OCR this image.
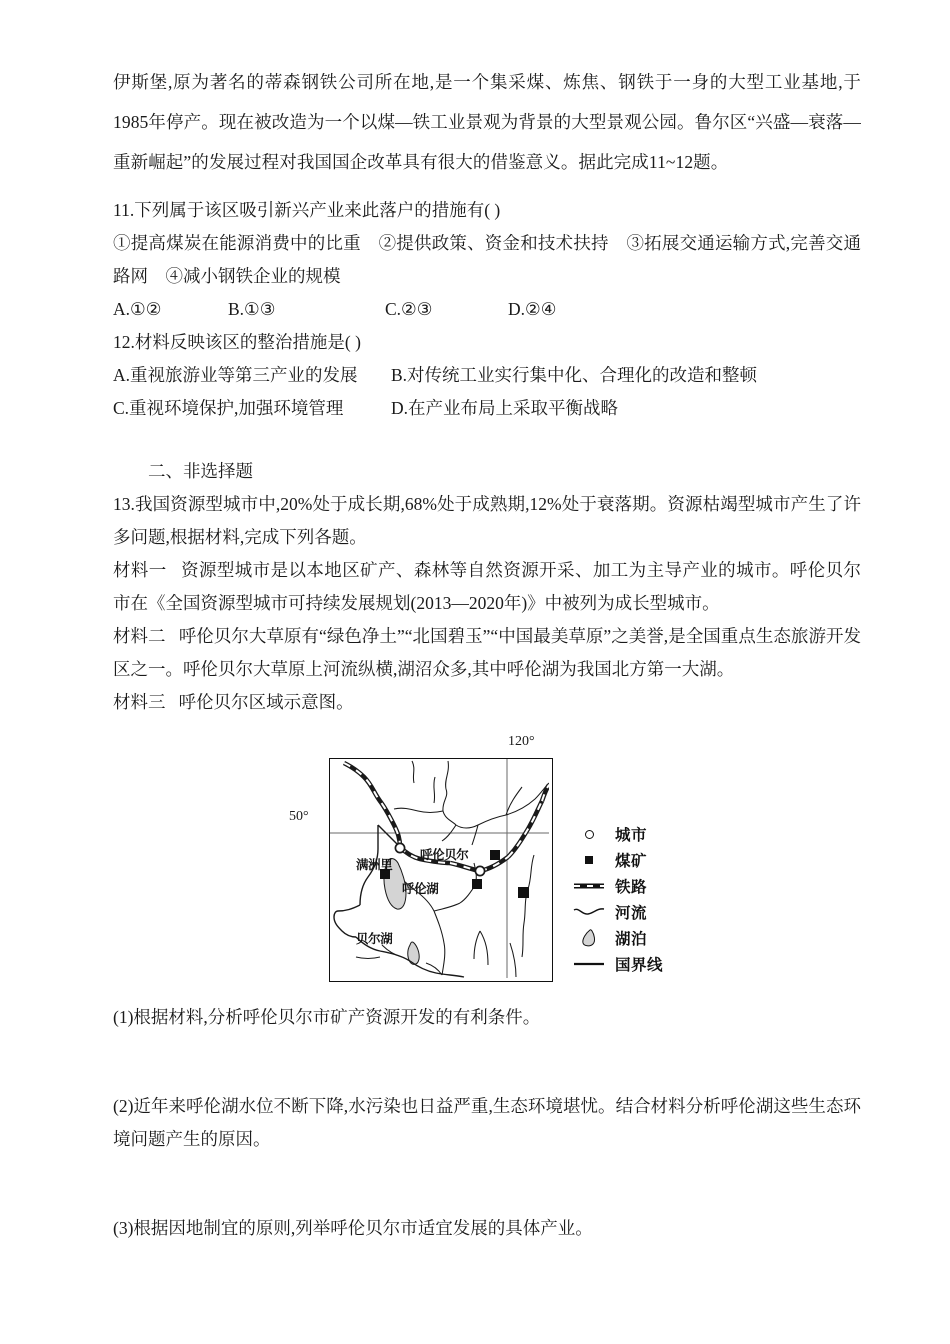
伊斯堡,原为著名的蒂森钢铁公司所在地,是一个集采煤、炼焦、钢铁于一身的大型工业基地,于1985年停产。现在被改造为一个以煤—铁工业景观为背景的大型景观公园。鲁尔区“兴盛—衰落—重新崛起”的发展过程对我国国企改革具有很大的借鉴意义。据此完成11~12题。
11.下列属于该区吸引新兴产业来此落户的措施有( )
①提高煤炭在能源消费中的比重　②提供政策、资金和技术扶持　③拓展交通运输方式,完善交通路网　④减小钢铁企业的规模
A.①②	B.①③	C.②③	D.②④
12.材料反映该区的整治措施是( )
A.重视旅游业等第三产业的发展 B.对传统工业实行集中化、合理化的改造和整顿
C.重视环境保护,加强环境管理	D.在产业布局上采取平衡战略
二、非选择题
13.我国资源型城市中,20%处于成长期,68%处于成熟期,12%处于衰落期。资源枯竭型城市产生了许多问题,根据材料,完成下列各题。
材料一 资源型城市是以本地区矿产、森林等自然资源开采、加工为主导产业的城市。呼伦贝尔市在《全国资源型城市可持续发展规划(2013—2020年)》中被列为成长型城市。
材料二 呼伦贝尔大草原有“绿色净土”“北国碧玉”“中国最美草原”之美誉,是全国重点生态旅游开发区之一。呼伦贝尔大草原上河流纵横,湖沼众多,其中呼伦湖为我国北方第一大湖。
材料三 呼伦贝尔区域示意图。
120°
50°
满洲里
呼伦贝尔
呼伦湖
贝尔湖
城市
煤矿
铁路
河流
湖泊
国界线
(1)根据材料,分析呼伦贝尔市矿产资源开发的有利条件。
(2)近年来呼伦湖水位不断下降,水污染也日益严重,生态环境堪忧。结合材料分析呼伦湖这些生态环境问题产生的原因。
(3)根据因地制宜的原则,列举呼伦贝尔市适宜发展的具体产业。
